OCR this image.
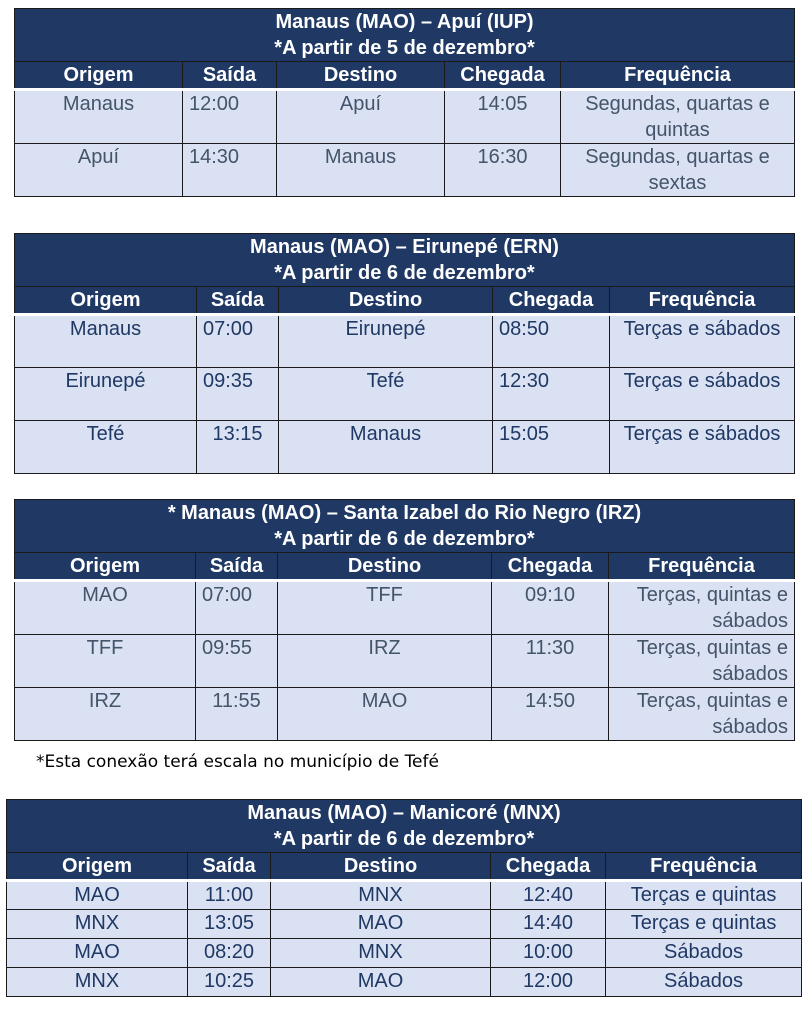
Manaus (MAO) – Apuí (IUP)
*A partir de 5 de dezembro*				

Origem	Saída	Destino	Chegada	Frequência
Manaus	12:00	Apuí	14:05	Segundas, quartas e quintas
Apuí	14:30	Manaus	16:30	Segundas, quartas e sextas
Manaus (MAO) – Eirunepé (ERN)
*A partir de 6 de dezembro*				

Origem	Saída	Destino	Chegada	Frequência
Manaus	07:00	Eirunepé	08:50	Terças e sábados
Eirunepé	09:35	Tefé	12:30	Terças e sábados
Tefé	13:15	Manaus	15:05	Terças e sábados
* Manaus (MAO) – Santa Izabel do Rio Negro (IRZ)
*A partir de 6 de dezembro*				

Origem	Saída	Destino	Chegada	Frequência
MAO	07:00	TFF	09:10	Terças, quintas e sábados
TFF	09:55	IRZ	11:30	Terças, quintas e sábados
IRZ	11:55	MAO	14:50	Terças, quintas e sábados
*Esta conexão terá escala no município de Tefé
Manaus (MAO) – Manicoré (MNX)
*A partir de 6 de dezembro*				

Origem	Saída	Destino	Chegada	Frequência
MAO	11:00	MNX	12:40	Terças e quintas
MNX	13:05	MAO	14:40	Terças e quintas
MAO	08:20	MNX	10:00	Sábados
MNX	10:25	MAO	12:00	Sábados
